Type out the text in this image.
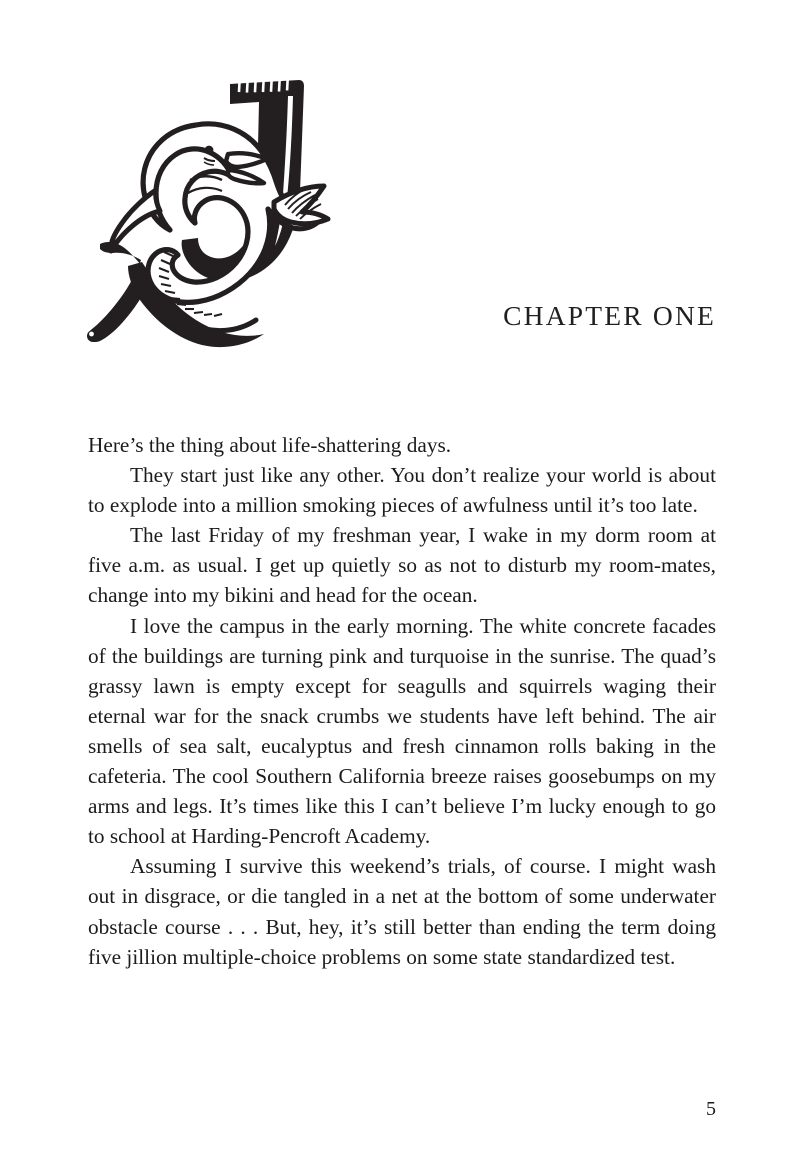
CHAPTER ONE

Here’s the thing about life-shattering days.

They start just like any other. You don’t realize your world is about to explode into a million smoking pieces of awfulness until it’s too late.

The last Friday of my freshman year, I wake in my dorm room at five a.m. as usual. I get up quietly so as not to disturb my room-mates, change into my bikini and head for the ocean.

I love the campus in the early morning. The white concrete facades of the buildings are turning pink and turquoise in the sunrise. The quad’s grassy lawn is empty except for seagulls and squirrels waging their eternal war for the snack crumbs we students have left behind. The air smells of sea salt, eucalyptus and fresh cinnamon rolls baking in the cafeteria. The cool Southern California breeze raises goosebumps on my arms and legs. It’s times like this I can’t believe I’m lucky enough to go to school at Harding-Pencroft Academy.

Assuming I survive this weekend’s trials, of course. I might wash out in disgrace, or die tangled in a net at the bottom of some underwater obstacle course . . . But, hey, it’s still better than ending the term doing five jillion multiple-choice problems on some state standardized test.

5
